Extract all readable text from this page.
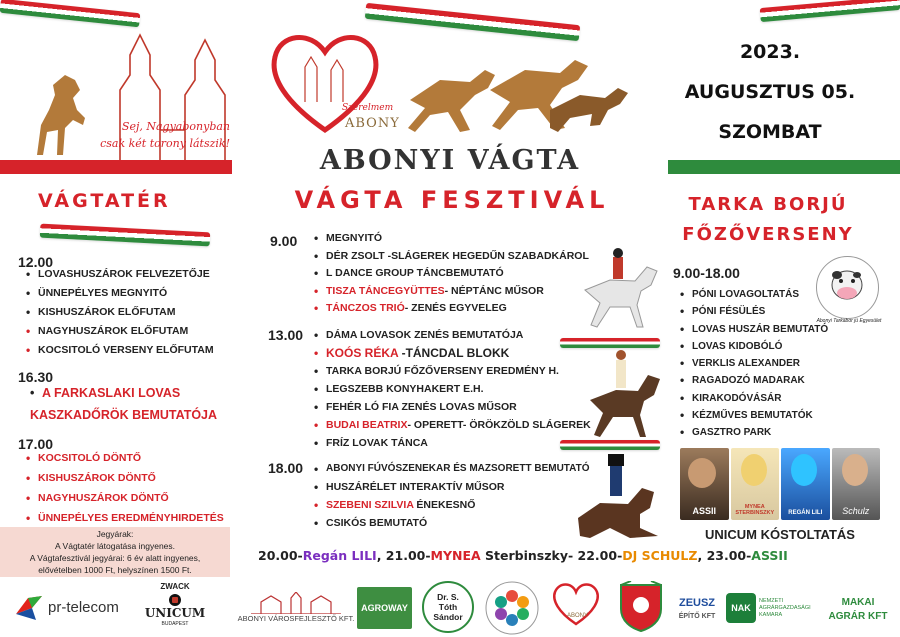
Sej, Nagyabonyban
csak két torony látszik!
Szerelmem
ABONY
ABONYI VÁGTA
VÁGTA FESZTIVÁL
2023.
AUGUSZTUS 05.
SZOMBAT
VÁGTATÉR
12.00
• LOVASHUSZÁROK FELVEZETŐJE
• ÜNNEPÉLYES MEGNYITÓ
• KISHUSZÁROK ELŐFUTAM
• NAGYHUSZÁROK ELŐFUTAM
• KOCSITOLÓ VERSENY ELŐFUTAM
16.30
• A FARKASLAKI LOVAS
KASZKADŐRÖK BEMUTATÓJA
17.00
• KOCSITOLÓ DÖNTŐ
• KISHUSZÁROK DÖNTŐ
• NAGYHUSZÁROK DÖNTŐ
• ÜNNEPÉLYES EREDMÉNYHIRDETÉS
Jegyárak:
A Vágtatér látogatása ingyenes.
A Vágtafesztivál jegyárai: 6 év alatt ingyenes,
elővételben 1000 Ft, helyszínen 1500 Ft.
9.00	• MEGNYITÓ
• DÉR ZSOLT -SLÁGEREK HEGEDŰN SZABADKÁROL
• L DANCE GROUP TÁNCBEMUTATÓ
• TISZA TÁNCEGYÜTTES- NÉPTÁNC MŰSOR
• TÁNCZOS TRIÓ- ZENÉS EGYVELEG
13.00	• DÁMA LOVASOK ZENÉS BEMUTATÓJA
• KOÓS RÉKA -TÁNCDAL BLOKK
• TARKA BORJÚ FŐZŐVERSENY EREDMÉNY H.
• LEGSZEBB KONYHAKERT E.H.
• FEHÉR LÓ FIA ZENÉS LOVAS MŰSOR
• BUDAI BEATRIX- OPERETT- ÖRÖKZÖLD SLÁGEREK
• FRÍZ LOVAK TÁNCA
18.00	• ABONYI FÚVÓSZENEKAR ÉS MAZSORETT BEMUTATÓ
• HUSZÁRÉLET INTERAKTÍV MŰSOR
• SZEBENI SZILVIA ÉNEKESNŐ
• CSIKÓS BEMUTATÓ
TARKA BORJÚ
FŐZŐVERSENY
9.00-18.00
Abonyi Tarkabor jú Egyesület
• PÓNI LOVAGOLTATÁS
• PÓNI FÉSÜLÉS
• LOVAS HUSZÁR BEMUTATÓ
• LOVAS KIDOBÓLÓ
• VERKLIS ALEXANDER
• RAGADOZÓ MADARAK
• KIRAKODÓVÁSÁR
• KÉZMŰVES BEMUTATÓK
• GASZTRO PARK
ASSII	MYNEA STERBINSZKY	REGÁN LILI	Schulz
UNICUM KÓSTOLTATÁS
20.00-Regán LILI, 21.00-MYNEA Sterbinszky- 22.00-DJ SCHULZ, 23.00-ASSII
pr-telecom
ZWACK
UNICUM
BUDAPEST
ABONYI VÁROSFEJLESZTŐ KFT.
AGROWAY
Dr. S.
Tóth
Sándor	ABONY
ZEUSZ
ÉPÍTŐ KFT
NAK
NEMZETI AGRÁRGAZDASÁGI KAMARA
MAKAI
AGRÁR KFT
